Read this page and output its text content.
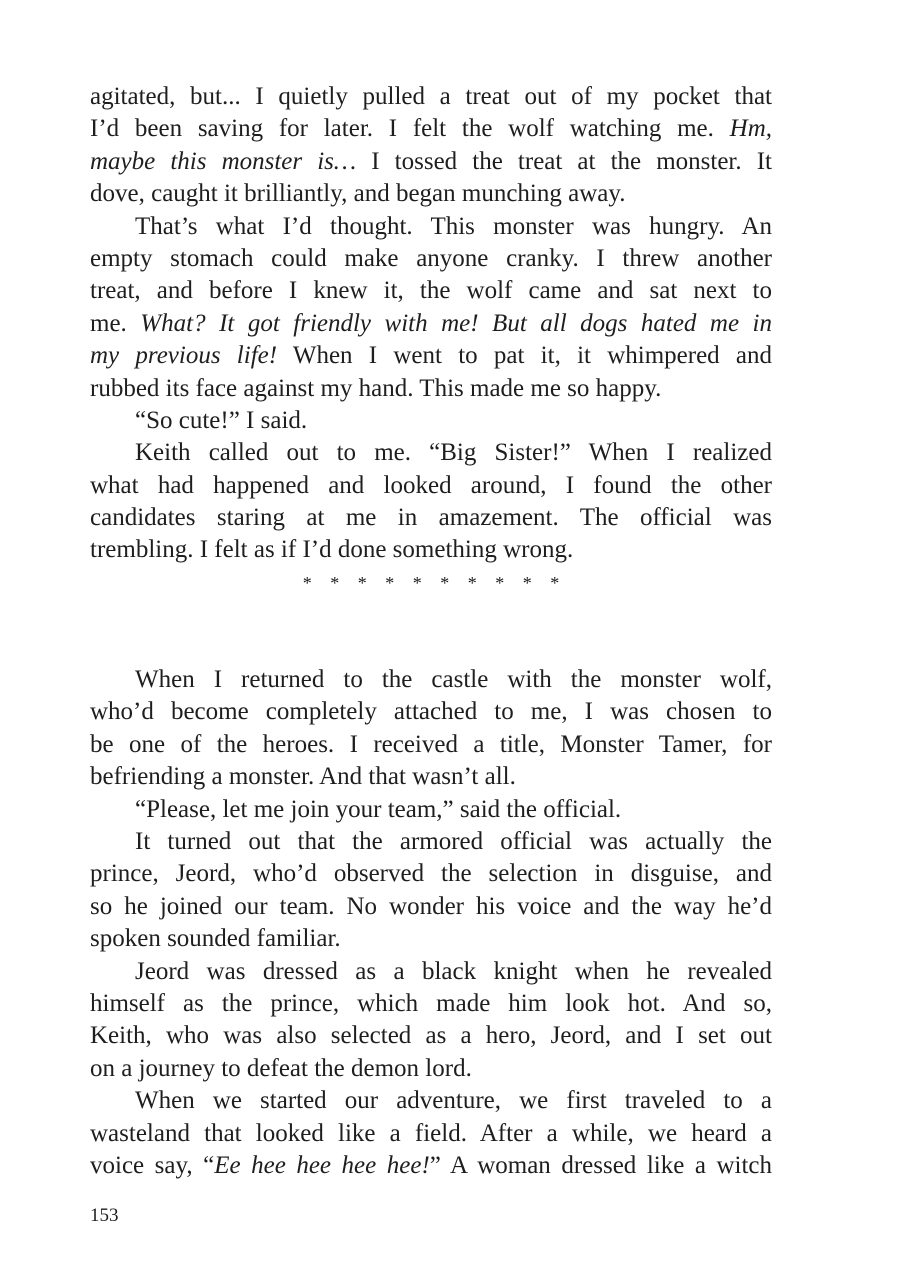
agitated, but... I quietly pulled a treat out of my pocket that
I’d been saving for later. I felt the wolf watching me. Hm,
maybe this monster is… I tossed the treat at the monster. It
dove, caught it brilliantly, and began munching away.
That’s what I’d thought. This monster was hungry. An
empty stomach could make anyone cranky. I threw another
treat, and before I knew it, the wolf came and sat next to
me. What? It got friendly with me! But all dogs hated me in
my previous life! When I went to pat it, it whimpered and
rubbed its face against my hand. This made me so happy.
“So cute!” I said.
Keith called out to me. “Big Sister!” When I realized
what had happened and looked around, I found the other
candidates staring at me in amazement. The official was
trembling. I felt as if I’d done something wrong.
* * * * * * * * * *

When I returned to the castle with the monster wolf,
who’d become completely attached to me, I was chosen to
be one of the heroes. I received a title, Monster Tamer, for
befriending a monster. And that wasn’t all.
“Please, let me join your team,” said the official.
It turned out that the armored official was actually the
prince, Jeord, who’d observed the selection in disguise, and
so he joined our team. No wonder his voice and the way he’d
spoken sounded familiar.
Jeord was dressed as a black knight when he revealed
himself as the prince, which made him look hot. And so,
Keith, who was also selected as a hero, Jeord, and I set out
on a journey to defeat the demon lord.
When we started our adventure, we first traveled to a
wasteland that looked like a field. After a while, we heard a
voice say, “Ee hee hee hee hee!” A woman dressed like a witch
153
